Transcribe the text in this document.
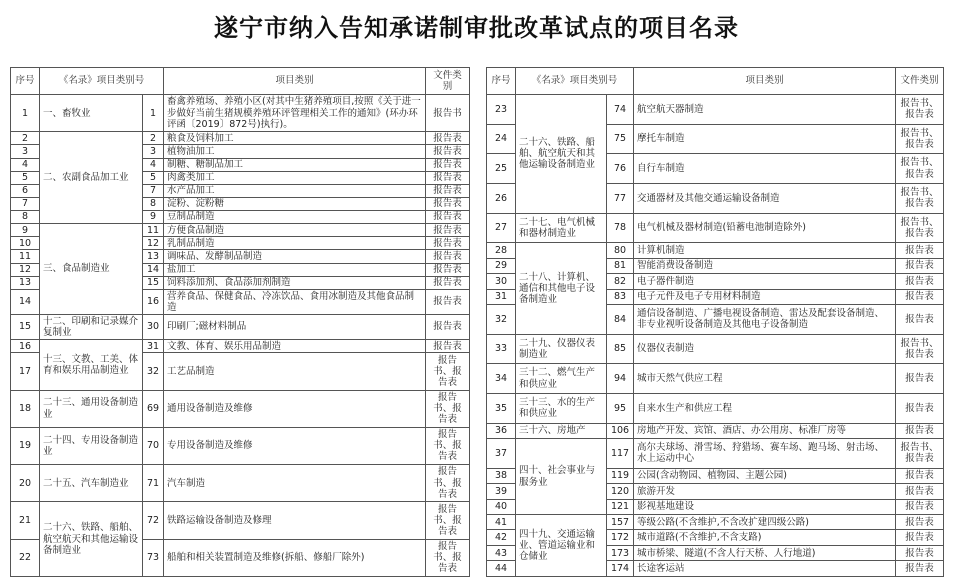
遂宁市纳入告知承诺制审批改革试点的项目名录
序号	《名录》项目类别号		项目类别	文件类别
1	一、畜牧业	1	畜禽养殖场、养殖小区(对其中生猪养殖项目,按照《关于进一步做好当前生猪规模养殖环评管理相关工作的通知》(环办环评函〔2019〕872号)执行)。	报告书
2	二、农副食品加工业	2	粮食及饲料加工	报告表
3		3	植物油加工	报告表
4		4	制糖、糖制品加工	报告表
5		5	肉禽类加工	报告表
6		7	水产品加工	报告表
7		8	淀粉、淀粉糖	报告表
8		9	豆制品制造	报告表
9	三、食品制造业	11	方便食品制造	报告表
10		12	乳制品制造	报告表
11		13	调味品、发酵制品制造	报告表
12		14	盐加工	报告表
13		15	饲料添加剂、食品添加剂制造	报告表
14		16	营养食品、保健食品、冷冻饮品、食用冰制造及其他食品制造	报告表
15	十二、印刷和记录媒介复制业	30	印刷厂;磁材料制品	报告表
16	十三、文教、工美、体育和娱乐用品制造业	31	文教、体育、娱乐用品制造	报告表
17		32	工艺品制造	报告书、报告表
18	二十三、通用设备制造业	69	通用设备制造及维修	报告书、报告表
19	二十四、专用设备制造业	70	专用设备制造及维修	报告书、报告表
20	二十五、汽车制造业	71	汽车制造	报告书、报告表
21	二十六、铁路、船舶、航空航天和其他运输设备制造业	72	铁路运输设备制造及修理	报告书、报告表
22		73	船舶和相关装置制造及维修(拆船、修船厂除外)	报告书、报告表
序号	《名录》项目类别号		项目类别	文件类别
23	二十六、铁路、船舶、航空航天和其他运输设备制造业	74	航空航天器制造	报告书、报告表
24		75	摩托车制造	报告书、报告表
25		76	自行车制造	报告书、报告表
26		77	交通器材及其他交通运输设备制造	报告书、报告表
27	二十七、电气机械和器材制造业	78	电气机械及器材制造(铅蓄电池制造除外)	报告书、报告表
28	二十八、计算机、通信和其他电子设备制造业	80	计算机制造	报告表
29		81	智能消费设备制造	报告表
30		82	电子器件制造	报告表
31		83	电子元件及电子专用材料制造	报告表
32		84	通信设备制造、广播电视设备制造、雷达及配套设备制造、非专业视听设备制造及其他电子设备制造	报告表
33	二十九、仪器仪表制造业	85	仪器仪表制造	报告书、报告表
34	三十二、燃气生产和供应业	94	城市天然气供应工程	报告表
35	三十三、水的生产和供应业	95	自来水生产和供应工程	报告表
36	三十六、房地产	106	房地产开发、宾馆、酒店、办公用房、标准厂房等	报告表
37	四十、社会事业与服务业	117	高尔夫球场、滑雪场、狩猎场、赛车场、跑马场、射击场、水上运动中心	报告书、报告表
38		119	公园(含动物园、植物园、主题公园)	报告表
39		120	旅游开发	报告表
40		121	影视基地建设	报告表
41	四十九、交通运输业、管道运输业和仓储业	157	等级公路(不含维护,不含改扩建四级公路)	报告表
42		172	城市道路(不含维护,不含支路)	报告表
43		173	城市桥梁、隧道(不含人行天桥、人行地道)	报告表
44		174	长途客运站	报告表
